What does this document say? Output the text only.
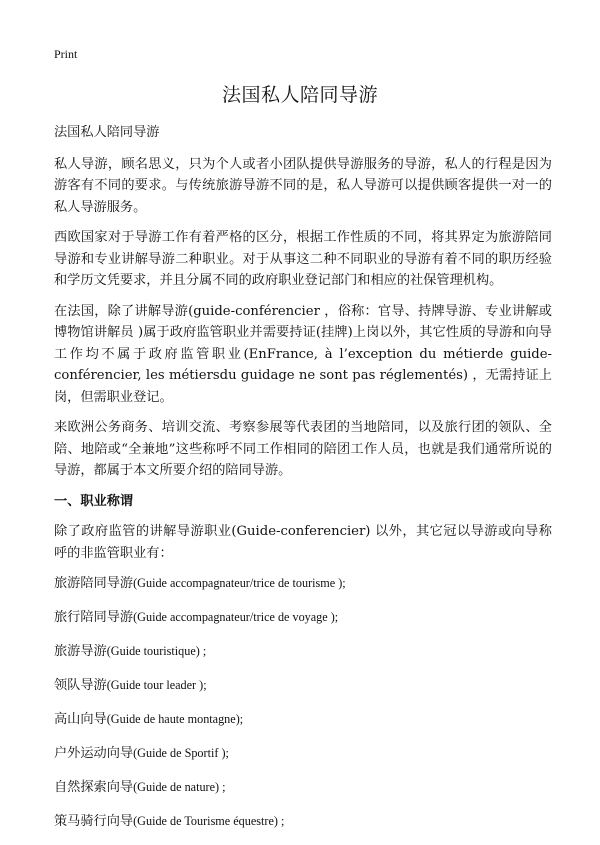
Print
法国私人陪同导游

法国私人陪同导游

私人导游，顾名思义，只为个人或者小团队提供导游服务的导游，私人的行程是因为游客有不同的要求。与传统旅游导游不同的是，私人导游可以提供顾客提供一对一的私人导游服务。

西欧国家对于导游工作有着严格的区分，根据工作性质的不同，将其界定为旅游陪同导游和专业讲解导游二种职业。对于从事这二种不同职业的导游有着不同的职历经验和学历文凭要求，并且分属不同的政府职业登记部门和相应的社保管理机构。

在法国，除了讲解导游(guide-conférencier ，俗称：官导、持牌导游、专业讲解或博物馆讲解员 )属于政府监管职业并需要持证(挂牌)上岗以外，其它性质的导游和向导工作均不属于政府监管职业(EnFrance, à l’exception du métierde guide-conférencier, les métiersdu guidage ne sont pas réglementés) ，无需持证上岗，但需职业登记。

来欧洲公务商务、培训交流、考察参展等代表团的当地陪同，以及旅行团的领队、全陪、地陪或“全兼地”这些称呼不同工作相同的陪团工作人员，也就是我们通常所说的导游，都属于本文所要介绍的陪同导游。

一、职业称谓

除了政府监管的讲解导游职业(Guide-conferencier) 以外，其它冠以导游或向导称呼的非监管职业有：

旅游陪同导游(Guide accompagnateur/trice de tourisme );

旅行陪同导游(Guide accompagnateur/trice de voyage );

旅游导游(Guide touristique) ;

领队导游(Guide tour leader );

高山向导(Guide de haute montagne);

户外运动向导(Guide de Sportif );

自然探索向导(Guide de nature) ;

策马骑行向导(Guide de Tourisme équestre) ;
